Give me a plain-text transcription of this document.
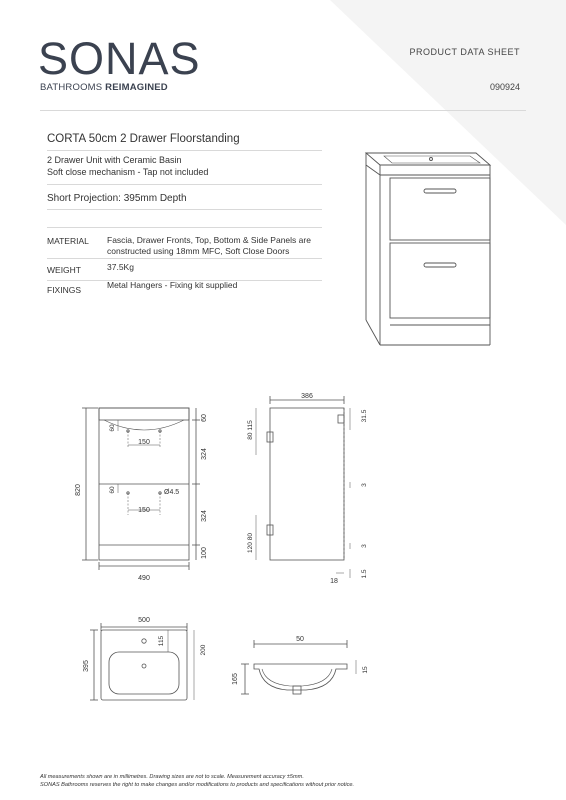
SONAS
BATHROOMS REIMAGINED
PRODUCT DATA SHEET
090924
CORTA 50cm 2 Drawer Floorstanding
2 Drawer Unit with Ceramic Basin
Soft close mechanism - Tap not included
Short Projection: 395mm Depth
MATERIAL Fascia, Drawer Fronts, Top, Bottom & Side Panels are constructed using 18mm MFC, Soft Close Doors
WEIGHT	37.5Kg
FIXINGS	Metal Hangers - Fixing kit supplied
820
490
60
324
324
100
150
150
60
60	Ø4.5
386
80 115
120 80
31.5
3
3
1.5
18
500
395
115
200
50
165
15
All measurements shown are in millimetres. Drawing sizes are not to scale. Measurement accuracy ±5mm.
SONAS Bathrooms reserves the right to make changes and/or modifications to products and specifications without prior notice.
